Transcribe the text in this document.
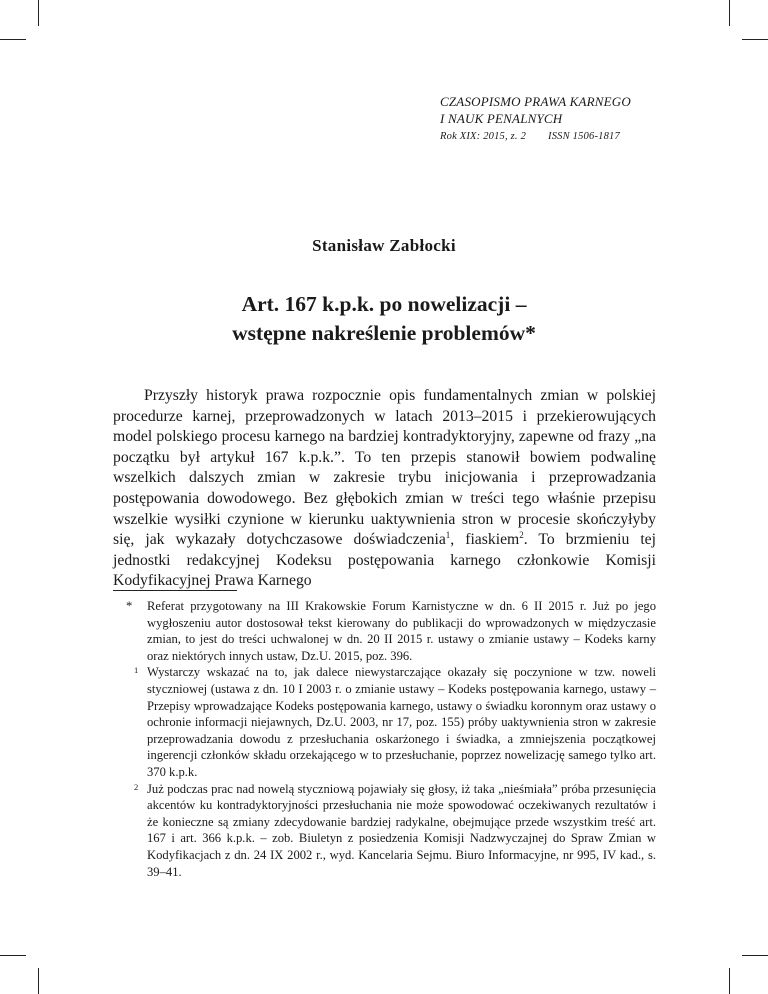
CZASOPISMO PRAWA KARNEGO
I NAUK PENALNYCH
Rok XIX: 2015, z. 2 ISSN 1506-1817
Stanisław Zabłocki
Art. 167 k.p.k. po nowelizacji –
wstępne nakreślenie problemów*

Przyszły historyk prawa rozpocznie opis fundamentalnych zmian w polskiej procedurze karnej, przeprowadzonych w latach 2013–2015 i przekierowujących model polskiego procesu karnego na bardziej kontradyktoryjny, zapewne od frazy „na początku był artykuł 167 k.p.k.”. To ten przepis stanowił bowiem podwalinę wszelkich dalszych zmian w zakresie trybu inicjowania i przeprowadzania postępowania dowodowego. Bez głębokich zmian w treści tego właśnie przepisu wszelkie wysiłki czynione w kierunku uaktywnienia stron w procesie skończyłyby się, jak wykazały dotychczasowe doświadczenia$^1$, fiaskiem$^2$. To brzmieniu tej jednostki redakcyjnej Kodeksu postępowania karnego członkowie Komisji Kodyfikacyjnej Prawa Karnego

* Referat przygotowany na III Krakowskie Forum Karnistyczne w dn. 6 II 2015 r. Już po jego wygłoszeniu autor dostosował tekst kierowany do publikacji do wprowadzonych w międzyczasie zmian, to jest do treści uchwalonej w dn. 20 II 2015 r. ustawy o zmianie ustawy – Kodeks karny oraz niektórych innych ustaw, Dz.U. 2015, poz. 396.

1 Wystarczy wskazać na to, jak dalece niewystarczające okazały się poczynione w tzw. noweli styczniowej (ustawa z dn. 10 I 2003 r. o zmianie ustawy – Kodeks postępowania karnego, ustawy – Przepisy wprowadzające Kodeks postępowania karnego, ustawy o świadku koronnym oraz ustawy o ochronie informacji niejawnych, Dz.U. 2003, nr 17, poz. 155) próby uaktywnienia stron w zakresie przeprowadzania dowodu z przesłuchania oskarżonego i świadka, a zmniejszenia początkowej ingerencji członków składu orzekającego w to przesłuchanie, poprzez nowelizację samego tylko art. 370 k.p.k.

2 Już podczas prac nad nowelą styczniową pojawiały się głosy, iż taka „nieśmiała” próba przesunięcia akcentów ku kontradyktoryjności przesłuchania nie może spowodować oczekiwanych rezultatów i że konieczne są zmiany zdecydowanie bardziej radykalne, obejmujące przede wszystkim treść art. 167 i art. 366 k.p.k. – zob. Biuletyn z posiedzenia Komisji Nadzwyczajnej do Spraw Zmian w Kodyfikacjach z dn. 24 IX 2002 r., wyd. Kancelaria Sejmu. Biuro Informacyjne, nr 995, IV kad., s. 39–41.
